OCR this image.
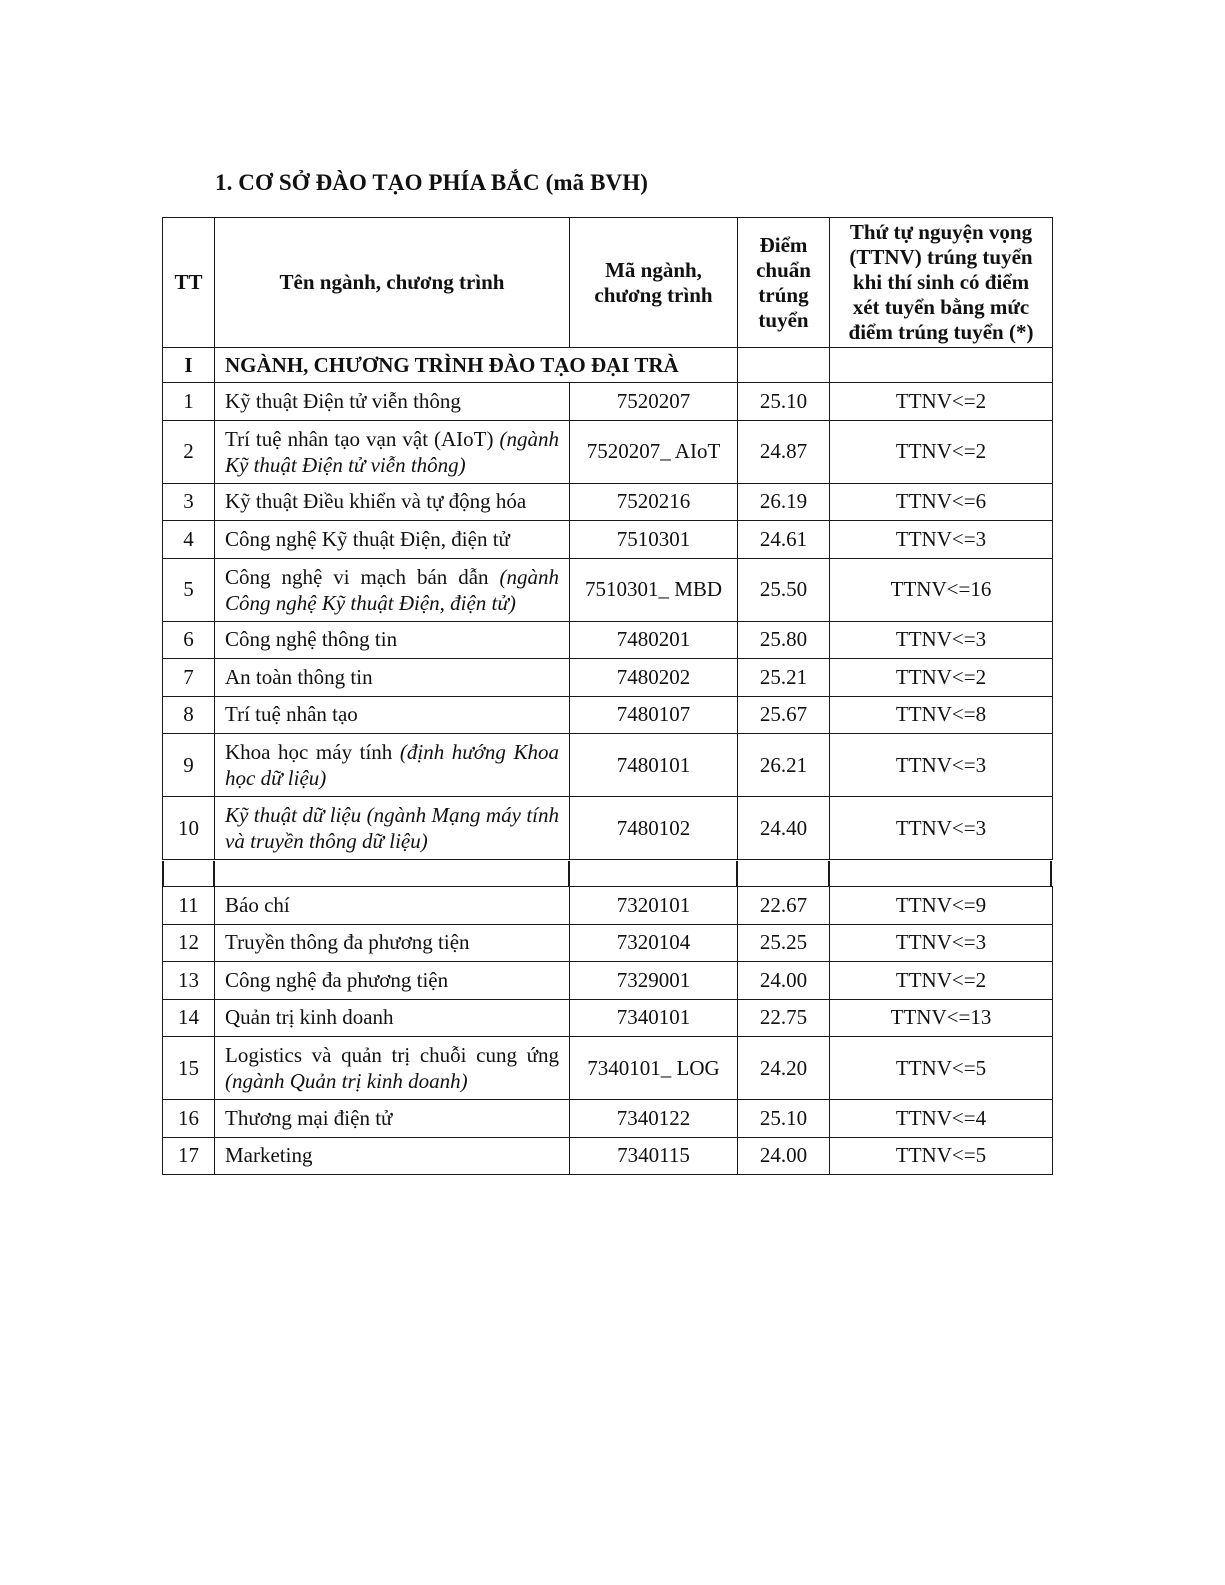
1. CƠ SỞ ĐÀO TẠO PHÍA BẮC (mã BVH)
TT	Tên ngành, chương trình	Mã ngành, chương trình	Điểm chuẩn trúng tuyển	Thứ tự nguyện vọng (TTNV) trúng tuyển khi thí sinh có điểm xét tuyển bằng mức điểm trúng tuyển (*)
I	NGÀNH, CHƯƠNG TRÌNH ĐÀO TẠO ĐẠI TRÀ			
1	Kỹ thuật Điện tử viễn thông	7520207	25.10	TTNV<=2
2	Trí tuệ nhân tạo vạn vật (AIoT) (ngành Kỹ thuật Điện tử viễn thông)	7520207_ AIoT	24.87	TTNV<=2
3	Kỹ thuật Điều khiển và tự động hóa	7520216	26.19	TTNV<=6
4	Công nghệ Kỹ thuật Điện, điện tử	7510301	24.61	TTNV<=3
5	Công nghệ vi mạch bán dẫn (ngành Công nghệ Kỹ thuật Điện, điện tử)	7510301_ MBD	25.50	TTNV<=16
6	Công nghệ thông tin	7480201	25.80	TTNV<=3
7	An toàn thông tin	7480202	25.21	TTNV<=2
8	Trí tuệ nhân tạo	7480107	25.67	TTNV<=8
9	Khoa học máy tính (định hướng Khoa học dữ liệu)	7480101	26.21	TTNV<=3
10	Kỹ thuật dữ liệu (ngành Mạng máy tính và truyền thông dữ liệu)	7480102	24.40	TTNV<=3
11	Báo chí	7320101	22.67	TTNV<=9
12	Truyền thông đa phương tiện	7320104	25.25	TTNV<=3
13	Công nghệ đa phương tiện	7329001	24.00	TTNV<=2
14	Quản trị kinh doanh	7340101	22.75	TTNV<=13
15	Logistics và quản trị chuỗi cung ứng (ngành Quản trị kinh doanh)	7340101_ LOG	24.20	TTNV<=5
16	Thương mại điện tử	7340122	25.10	TTNV<=4
17	Marketing	7340115	24.00	TTNV<=5
